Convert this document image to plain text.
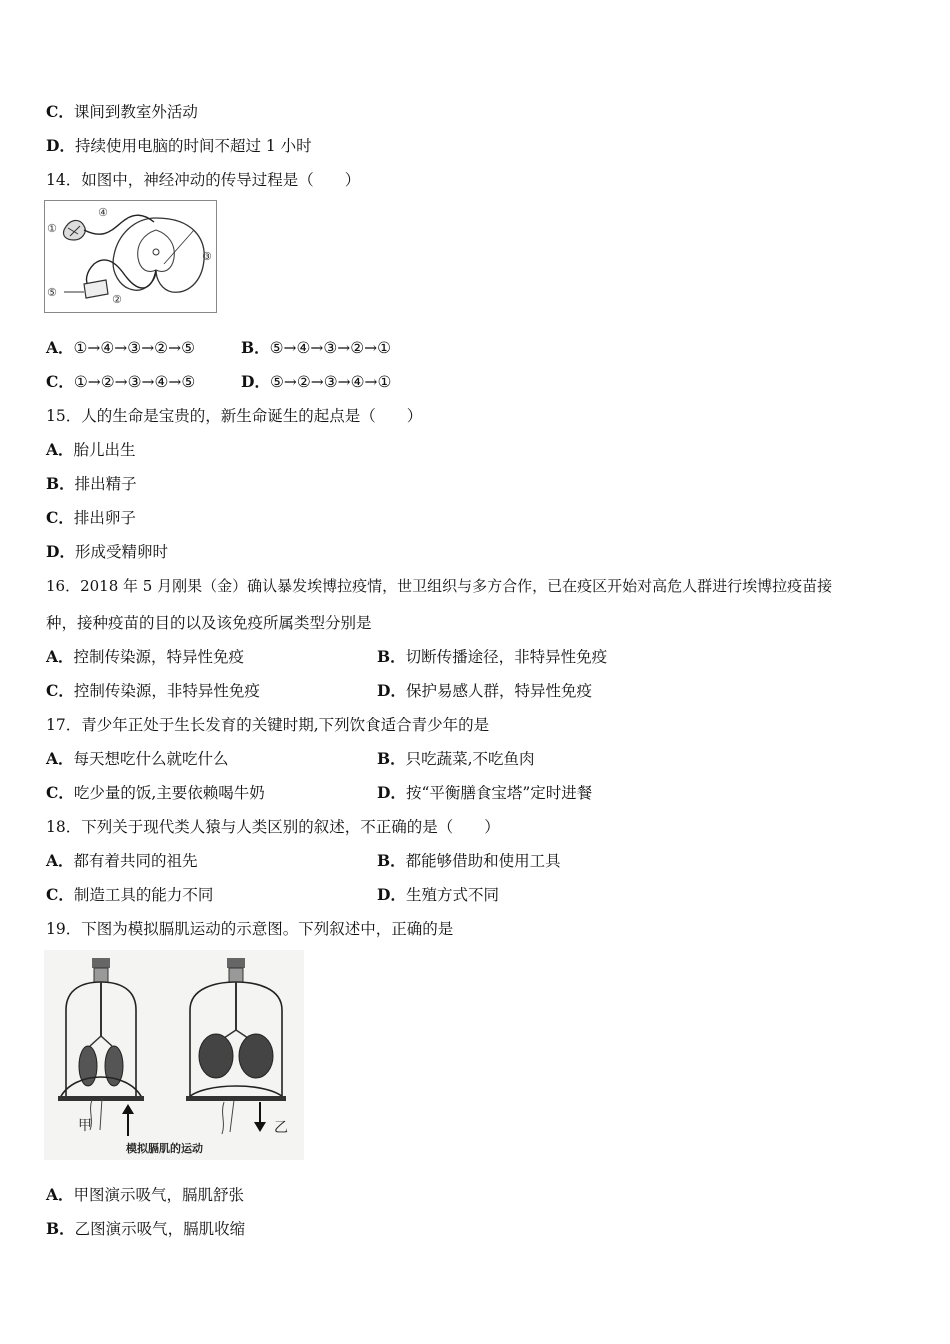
C．课间到教室外活动
D．持续使用电脑的时间不超过 1 小时
14．如图中，神经冲动的传导过程是（　　）
①
②
③
④
⑤
A．①→④→③→②→⑤	B．⑤→④→③→②→①
C．①→②→③→④→⑤	D．⑤→②→③→④→①
15．人的生命是宝贵的，新生命诞生的起点是（　　）
A．胎儿出生
B．排出精子
C．排出卵子
D．形成受精卵时
16．2018 年 5 月刚果（金）确认暴发埃博拉疫情，世卫组织与多方合作，已在疫区开始对高危人群进行埃博拉疫苗接
种，接种疫苗的目的以及该免疫所属类型分别是
A．控制传染源，特异性免疫	B．切断传播途径，非特异性免疫
C．控制传染源，非特异性免疫	D．保护易感人群，特异性免疫
17．青少年正处于生长发育的关键时期,下列饮食适合青少年的是
A．每天想吃什么就吃什么	B．只吃蔬菜,不吃鱼肉
C．吃少量的饭,主要依赖喝牛奶	D．按“平衡膳食宝塔”定时进餐
18．下列关于现代类人猿与人类区别的叙述，不正确的是（　　）
A．都有着共同的祖先	B．都能够借助和使用工具
C．制造工具的能力不同	D．生殖方式不同
19．下图为模拟膈肌运动的示意图。下列叙述中，正确的是
甲	乙
模拟膈肌的运动
A．甲图演示吸气，膈肌舒张
B．乙图演示吸气，膈肌收缩
